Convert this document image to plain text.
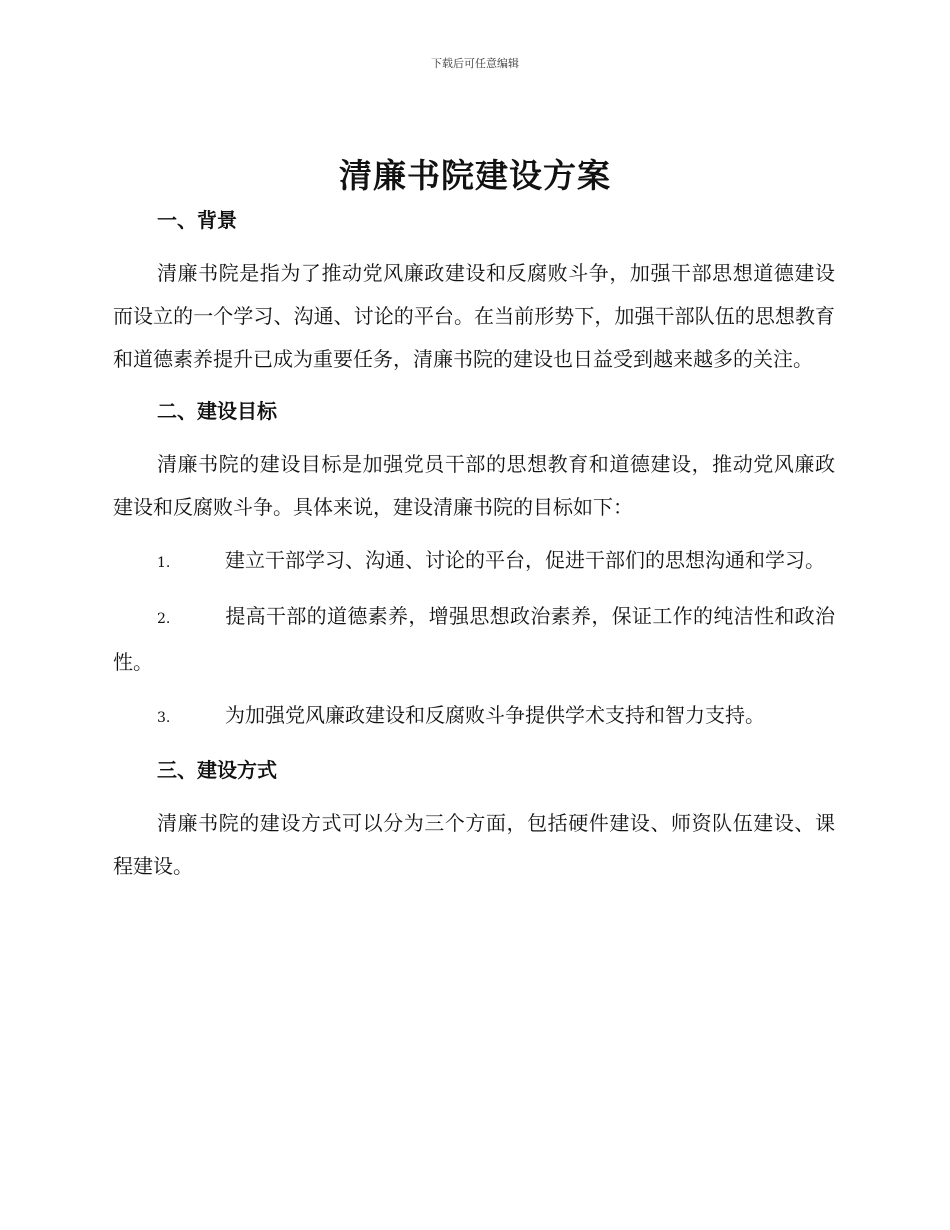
下载后可任意编辑
清廉书院建设方案
一、背景

清廉书院是指为了推动党风廉政建设和反腐败斗争，加强干部思想道德建设而设立的一个学习、沟通、讨论的平台。在当前形势下，加强干部队伍的思想教育和道德素养提升已成为重要任务，清廉书院的建设也日益受到越来越多的关注。

二、建设目标

清廉书院的建设目标是加强党员干部的思想教育和道德建设，推动党风廉政建设和反腐败斗争。具体来说，建设清廉书院的目标如下：

1.	建立干部学习、沟通、讨论的平台，促进干部们的思想沟通和学习。

2.	提高干部的道德素养，增强思想政治素养，保证工作的纯洁性和政治性。

3.	为加强党风廉政建设和反腐败斗争提供学术支持和智力支持。

三、建设方式

清廉书院的建设方式可以分为三个方面，包括硬件建设、师资队伍建设、课程建设。
